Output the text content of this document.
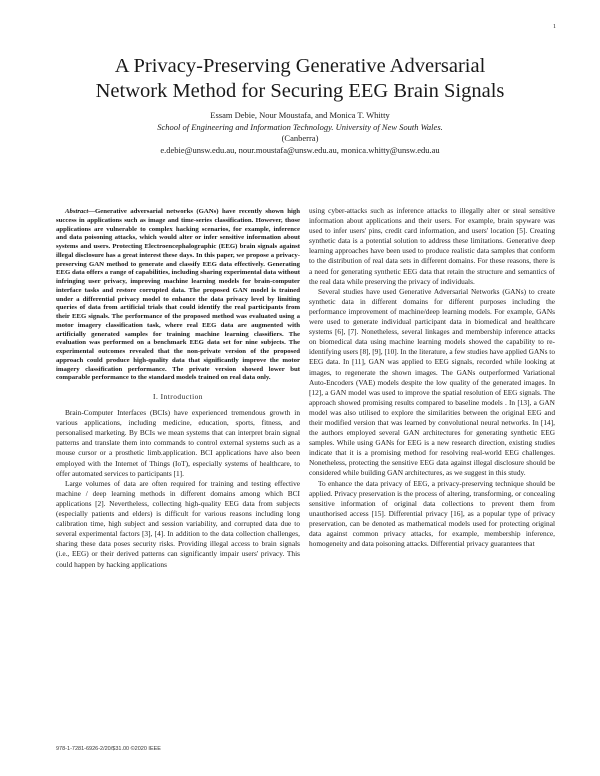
1
A Privacy-Preserving Generative Adversarial
Network Method for Securing EEG Brain Signals
Essam Debie, Nour Moustafa, and Monica T. Whitty
School of Engineering and Information Technology. University of New South Wales.
(Canberra)
e.debie@unsw.edu.au, nour.moustafa@unsw.edu.au, monica.whitty@unsw.edu.au

Abstract—Generative adversarial networks (GANs) have recently shown high success in applications such as image and time-series classification. However, those applications are vulnerable to complex hacking scenarios, for example, inference and data poisoning attacks, which would alter or infer sensitive information about systems and users. Protecting Electroencephalographic (EEG) brain signals against illegal disclosure has a great interest these days. In this paper, we propose a privacy-preserving GAN method to generate and classify EEG data effectively. Generating EEG data offers a range of capabilities, including sharing experimental data without infringing user privacy, improving machine learning models for brain-computer interface tasks and restore corrupted data. The proposed GAN model is trained under a differential privacy model to enhance the data privacy level by limiting queries of data from artificial trials that could identify the real participants from their EEG signals. The performance of the proposed method was evaluated using a motor imagery classification task, where real EEG data are augmented with artificially generated samples for training machine learning classifiers. The evaluation was performed on a benchmark EEG data set for nine subjects. The experimental outcomes revealed that the non-private version of the proposed approach could produce high-quality data that significantly improve the motor imagery classification performance. The private version showed lower but comparable performance to the standard models trained on real data only.

I. Introduction

Brain-Computer Interfaces (BCIs) have experienced tremendous growth in various applications, including medicine, education, sports, fitness, and personalised marketing. By BCIs we mean systems that can interpret brain signal patterns and translate them into commands to control external systems such as a mouse cursor or a prosthetic limb.application. BCI applications have also been employed with the Internet of Things (IoT), especially systems of healthcare, to offer automated services to participants [1].

Large volumes of data are often required for training and testing effective machine / deep learning methods in different domains among which BCI applications [2]. Nevertheless, collecting high-quality EEG data from subjects (especially patients and elders) is difficult for various reasons including long calibration time, high subject and session variability, and corrupted data due to several experimental factors [3], [4]. In addition to the data collection challenges, sharing these data poses security risks. Providing illegal access to brain signals (i.e., EEG) or their derived patterns can significantly impair users' privacy. This could happen by hacking applications

using cyber-attacks such as inference attacks to illegally alter or steal sensitive information about applications and their users. For example, brain spyware was used to infer users' pins, credit card information, and users' location [5]. Creating synthetic data is a potential solution to address these limitations. Generative deep learning approaches have been used to produce realistic data samples that conform to the distribution of real data sets in different domains. For these reasons, there is a need for generating synthetic EEG data that retain the structure and semantics of the real data while preserving the privacy of individuals.

Several studies have used Generative Adversarial Networks (GANs) to create synthetic data in different domains for different purposes including the performance improvement of machine/deep learning models. For example, GANs were used to generate individual participant data in biomedical and healthcare systems [6], [7]. Nonetheless, several linkages and membership inference attacks on biomedical data using machine learning models showed the capability to re-identifying users [8], [9], [10]. In the literature, a few studies have applied GANs to EEG data. In [11], GAN was applied to EEG signals, recorded while looking at images, to regenerate the shown images. The GANs outperformed Variational Auto-Encoders (VAE) models despite the low quality of the generated images. In [12], a GAN model was used to improve the spatial resolution of EEG signals. The approach showed promising results compared to baseline models . In [13], a GAN model was also utilised to explore the similarities between the original EEG and their modified version that was learned by convolutional neural networks. In [14], the authors employed several GAN architectures for generating synthetic EEG samples. While using GANs for EEG is a new research direction, existing studies indicate that it is a promising method for resolving real-world EEG challenges. Nonetheless, protecting the sensitive EEG data against illegal disclosure should be considered while building GAN architectures, as we suggest in this study.

To enhance the data privacy of EEG, a privacy-preserving technique should be applied. Privacy preservation is the process of altering, transforming, or concealing sensitive information of original data collections to prevent them from unauthorised access [15]. Differential privacy [16], as a popular type of privacy preservation, can be denoted as mathematical models used for protecting original data against common privacy attacks, for example, membership inference, homogeneity and data poisoning attacks. Differential privacy guarantees that

978-1-7281-6926-2/20/$31.00 ©2020 IEEE
